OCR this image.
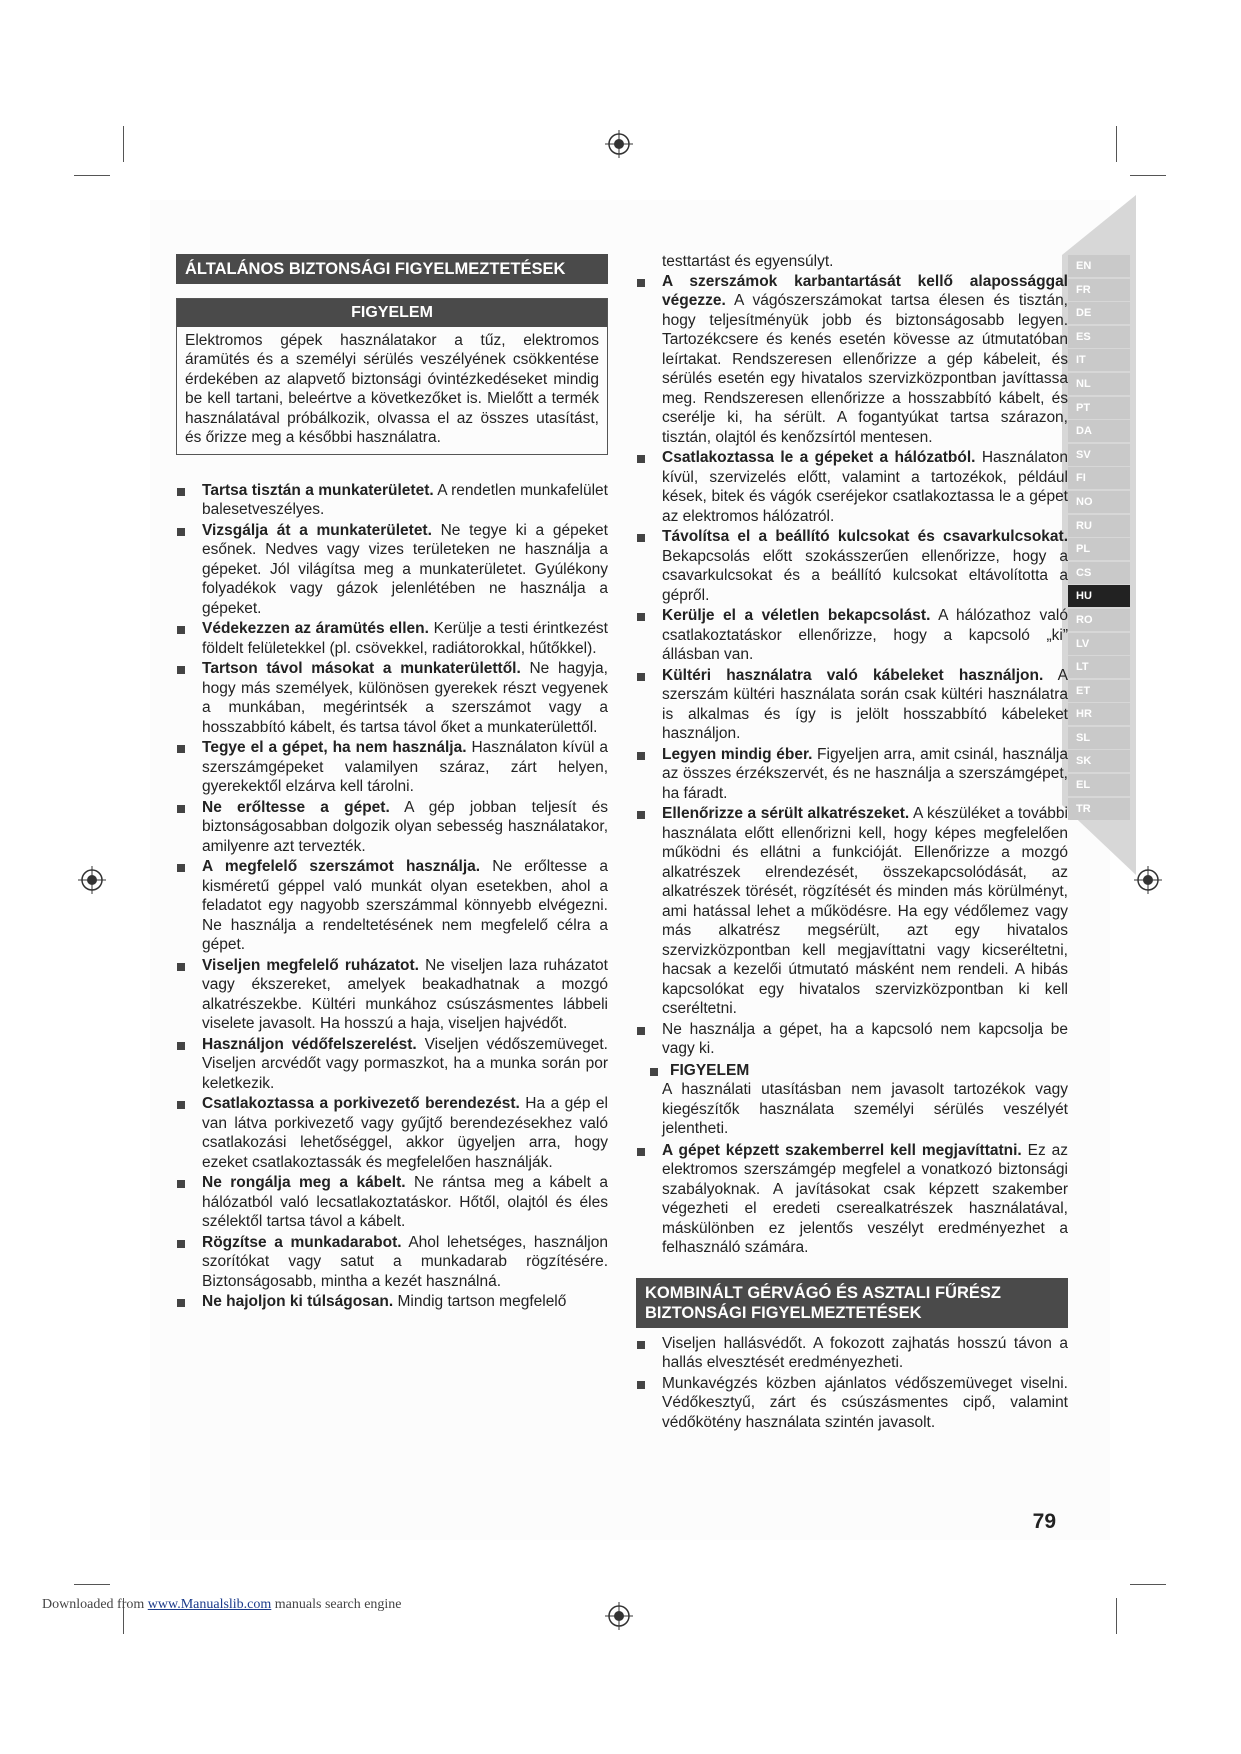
ÁLTALÁNOS BIZTONSÁGI FIGYELMEZTETÉSEK
FIGYELEM
Elektromos gépek használatakor a tűz, elektromos áramütés és a személyi sérülés veszélyének csökkentése érdekében az alapvető biztonsági óvintézkedéseket mindig be kell tartani, beleértve a következőket is. Mielőtt a termék használatával próbálkozik, olvassa el az összes utasítást, és őrizze meg a későbbi használatra.
Tartsa tisztán a munkaterületet. A rendetlen munkafelület balesetveszélyes.
Vizsgálja át a munkaterületet. Ne tegye ki a gépeket esőnek. Nedves vagy vizes területeken ne használja a gépeket. Jól világítsa meg a munkaterületet. Gyúlékony folyadékok vagy gázok jelenlétében ne használja a gépeket.
Védekezzen az áramütés ellen. Kerülje a testi érintkezést földelt felületekkel (pl. csövekkel, radiátorokkal, hűtőkkel).
Tartson távol másokat a munkaterülettől. Ne hagyja, hogy más személyek, különösen gyerekek részt vegyenek a munkában, megérintsék a szerszámot vagy a hosszabbító kábelt, és tartsa távol őket a munkaterülettől.
Tegye el a gépet, ha nem használja. Használaton kívül a szerszámgépeket valamilyen száraz, zárt helyen, gyerekektől elzárva kell tárolni.
Ne erőltesse a gépet. A gép jobban teljesít és biztonságosabban dolgozik olyan sebesség használatakor, amilyenre azt tervezték.
A megfelelő szerszámot használja. Ne erőltesse a kisméretű géppel való munkát olyan esetekben, ahol a feladatot egy nagyobb szerszámmal könnyebb elvégezni. Ne használja a rendeltetésének nem megfelelő célra a gépet.
Viseljen megfelelő ruházatot. Ne viseljen laza ruházatot vagy ékszereket, amelyek beakadhatnak a mozgó alkatrészekbe. Kültéri munkához csúszásmentes lábbeli viselete javasolt. Ha hosszú a haja, viseljen hajvédőt.
Használjon védőfelszerelést. Viseljen védőszemüveget. Viseljen arcvédőt vagy pormaszkot, ha a munka során por keletkezik.
Csatlakoztassa a porkivezető berendezést. Ha a gép el van látva porkivezető vagy gyűjtő berendezésekhez való csatlakozási lehetőséggel, akkor ügyeljen arra, hogy ezeket csatlakoztassák és megfelelően használják.
Ne rongálja meg a kábelt. Ne rántsa meg a kábelt a hálózatból való lecsatlakoztatáskor. Hőtől, olajtól és éles szélektől tartsa távol a kábelt.
Rögzítse a munkadarabot. Ahol lehetséges, használjon szorítókat vagy satut a munkadarab rögzítésére. Biztonságosabb, mintha a kezét használná.
Ne hajoljon ki túlságosan. Mindig tartson megfelelő
testtartást és egyensúlyt.
A szerszámok karbantartását kellő alapossággal végezze. A vágószerszámokat tartsa élesen és tisztán, hogy teljesítményük jobb és biztonságosabb legyen. Tartozékcsere és kenés esetén kövesse az útmutatóban leírtakat. Rendszeresen ellenőrizze a gép kábeleit, és sérülés esetén egy hivatalos szervizközpontban javíttassa meg. Rendszeresen ellenőrizze a hosszabbító kábelt, és cserélje ki, ha sérült. A fogantyúkat tartsa szárazon, tisztán, olajtól és kenőzsírtól mentesen.
Csatlakoztassa le a gépeket a hálózatból. Használaton kívül, szervizelés előtt, valamint a tartozékok, például kések, bitek és vágók cseréjekor csatlakoztassa le a gépet az elektromos hálózatról.
Távolítsa el a beállító kulcsokat és csavarkulcsokat. Bekapcsolás előtt szokásszerűen ellenőrizze, hogy a csavarkulcsokat és a beállító kulcsokat eltávolította a gépről.
Kerülje el a véletlen bekapcsolást. A hálózathoz való csatlakoztatáskor ellenőrizze, hogy a kapcsoló „ki” állásban van.
Kültéri használatra való kábeleket használjon. A szerszám kültéri használata során csak kültéri használatra is alkalmas és így is jelölt hosszabbító kábeleket használjon.
Legyen mindig éber. Figyeljen arra, amit csinál, használja az összes érzékszervét, és ne használja a szerszámgépet, ha fáradt.
Ellenőrizze a sérült alkatrészeket. A készüléket a további használata előtt ellenőrizni kell, hogy képes megfelelően működni és ellátni a funkcióját. Ellenőrizze a mozgó alkatrészek elrendezését, összekapcsolódását, az alkatrészek törését, rögzítését és minden más körülményt, ami hatással lehet a működésre. Ha egy védőlemez vagy más alkatrész megsérült, azt egy hivatalos szervizközpontban kell megjavíttatni vagy kicseréltetni, hacsak a kezelői útmutató másként nem rendeli. A hibás kapcsolókat egy hivatalos szervizközpontban ki kell cseréltetni.
Ne használja a gépet, ha a kapcsoló nem kapcsolja be vagy ki.
FIGYELEM
A használati utasításban nem javasolt tartozékok vagy kiegészítők használata személyi sérülés veszélyét jelentheti.
A gépet képzett szakemberrel kell megjavíttatni. Ez az elektromos szerszámgép megfelel a vonatkozó biztonsági szabályoknak. A javításokat csak képzett szakember végezheti el eredeti cserealkatrészek használatával, máskülönben ez jelentős veszélyt eredményezhet a felhasználó számára.
KOMBINÁLT GÉRVÁGÓ ÉS ASZTALI FŰRÉSZ
BIZTONSÁGI FIGYELMEZTETÉSEK
Viseljen hallásvédőt. A fokozott zajhatás hosszú távon a hallás elvesztését eredményezheti.
Munkavégzés közben ajánlatos védőszemüveget viselni. Védőkesztyű, zárt és csúszásmentes cipő, valamint védőkötény használata szintén javasolt.
EN
FR
DE
ES
IT
NL
PT
DA
SV
FI
NO
RU
PL
CS
HU
RO
LV
LT
ET
HR
SL
SK
EL
TR
79
Downloaded from www.Manualslib.com manuals search engine
